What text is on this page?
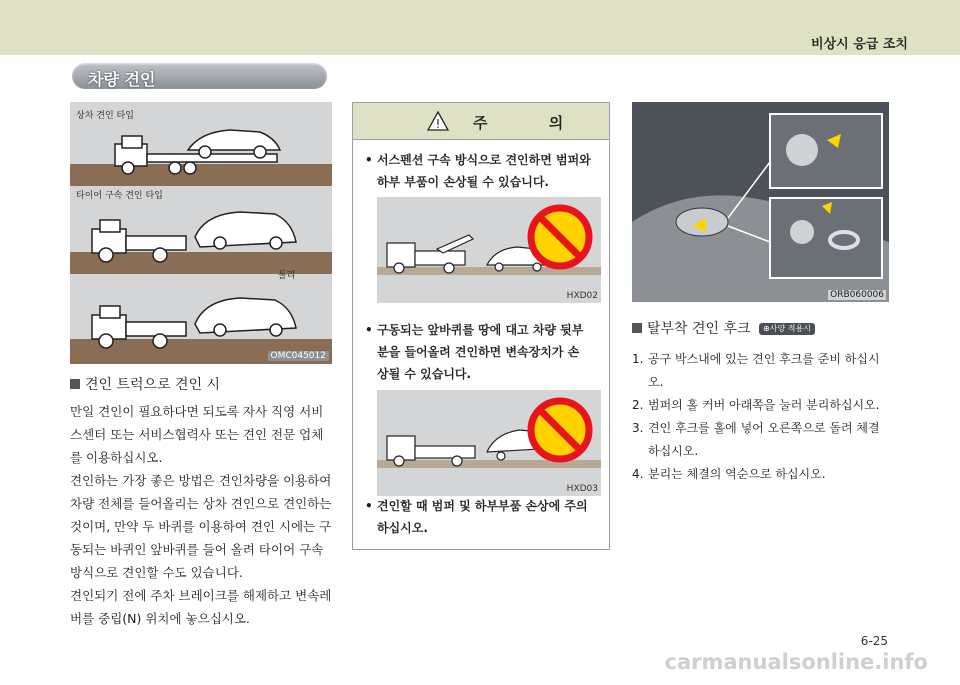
비상시 응급 조치
차량 견인
상차 견인 타입
타이어 구속 견인 타입
돌리
OMC045012
견인 트럭으로 견인 시
만일 견인이 필요하다면 되도록 자사 직영 서비
스센터 또는 서비스협력사 또는 견인 전문 업체
를 이용하십시오.
견인하는 가장 좋은 방법은 견인차량을 이용하여
차량 전체를 들어올리는 상차 견인으로 견인하는
것이며, 만약 두 바퀴를 이용하여 견인 시에는 구
동되는 바퀴인 앞바퀴를 들어 올려 타이어 구속
방식으로 견인할 수도 있습니다.
견인되기 전에 주차 브레이크를 해제하고 변속레
버를 중립(N) 위치에 놓으십시오.
! 주 의
• 서스펜션 구속 방식으로 견인하면 범퍼와
하부 부품이 손상될 수 있습니다.
HXD02
• 구동되는 앞바퀴를 땅에 대고 차량 뒷부
분을 들어올려 견인하면 변속장치가 손
상될 수 있습니다.
HXD03
• 견인할 때 범퍼 및 하부부품 손상에 주의
하십시오.
ORB060006
탈부착 견인 후크 ⊕사양 적용시
1. 공구 박스내에 있는 견인 후크를 준비 하십시오.
2. 범퍼의 홀 커버 아래쪽을 눌러 분리하십시오.
3. 견인 후크를 홀에 넣어 오른쪽으로 돌려 체결
하십시오.
4. 분리는 체결의 역순으로 하십시오.
6-25
carmanualsonline.info
